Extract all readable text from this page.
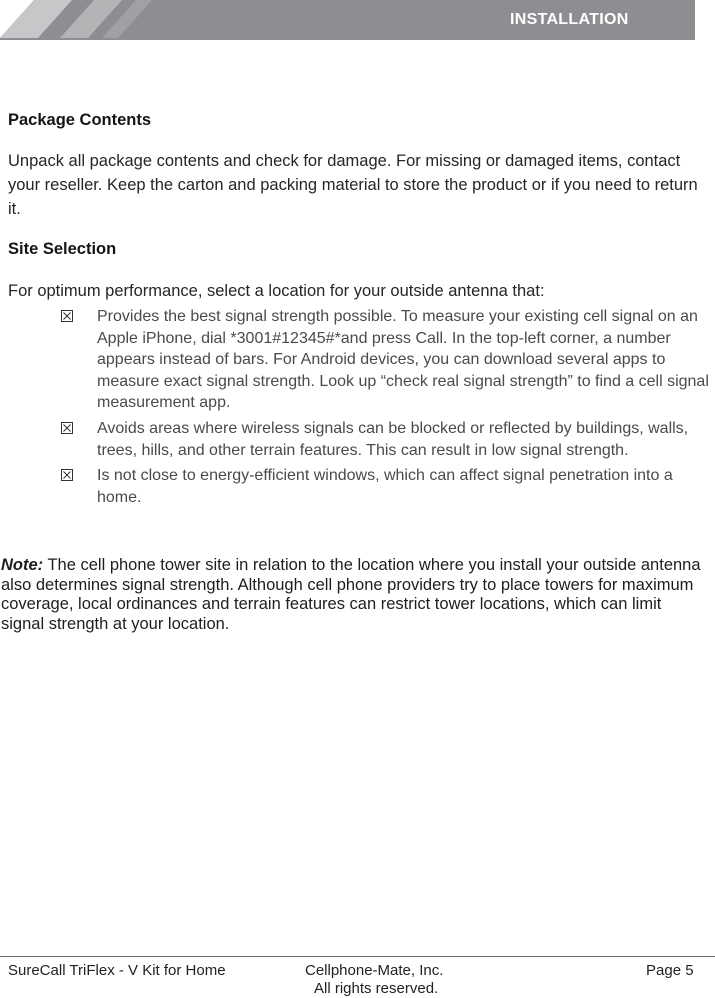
INSTALLATION
Package Contents
Unpack all package contents and check for damage. For missing or damaged items, contact your reseller. Keep the carton and packing material to store the product or if you need to return it.
Site Selection
For optimum performance, select a location for your outside antenna that:
Provides the best signal strength possible. To measure your existing cell signal on an Apple iPhone, dial *3001#12345#*and press Call. In the top-left corner, a number appears instead of bars. For Android devices, you can download several apps to measure exact signal strength. Look up “check real signal strength” to find a cell signal measurement app.
Avoids areas where wireless signals can be blocked or reflected by buildings, walls, trees, hills, and other terrain features. This can result in low signal strength.
Is not close to energy-efficient windows, which can affect signal penetration into a home.
Note: The cell phone tower site in relation to the location where you install your outside antenna also determines signal strength. Although cell phone providers try to place towers for maximum coverage, local ordinances and terrain features can restrict tower locations, which can limit signal strength at your location.
SureCall TriFlex - V Kit for Home	Cellphone-Mate, Inc.
All rights reserved.
Page 5
